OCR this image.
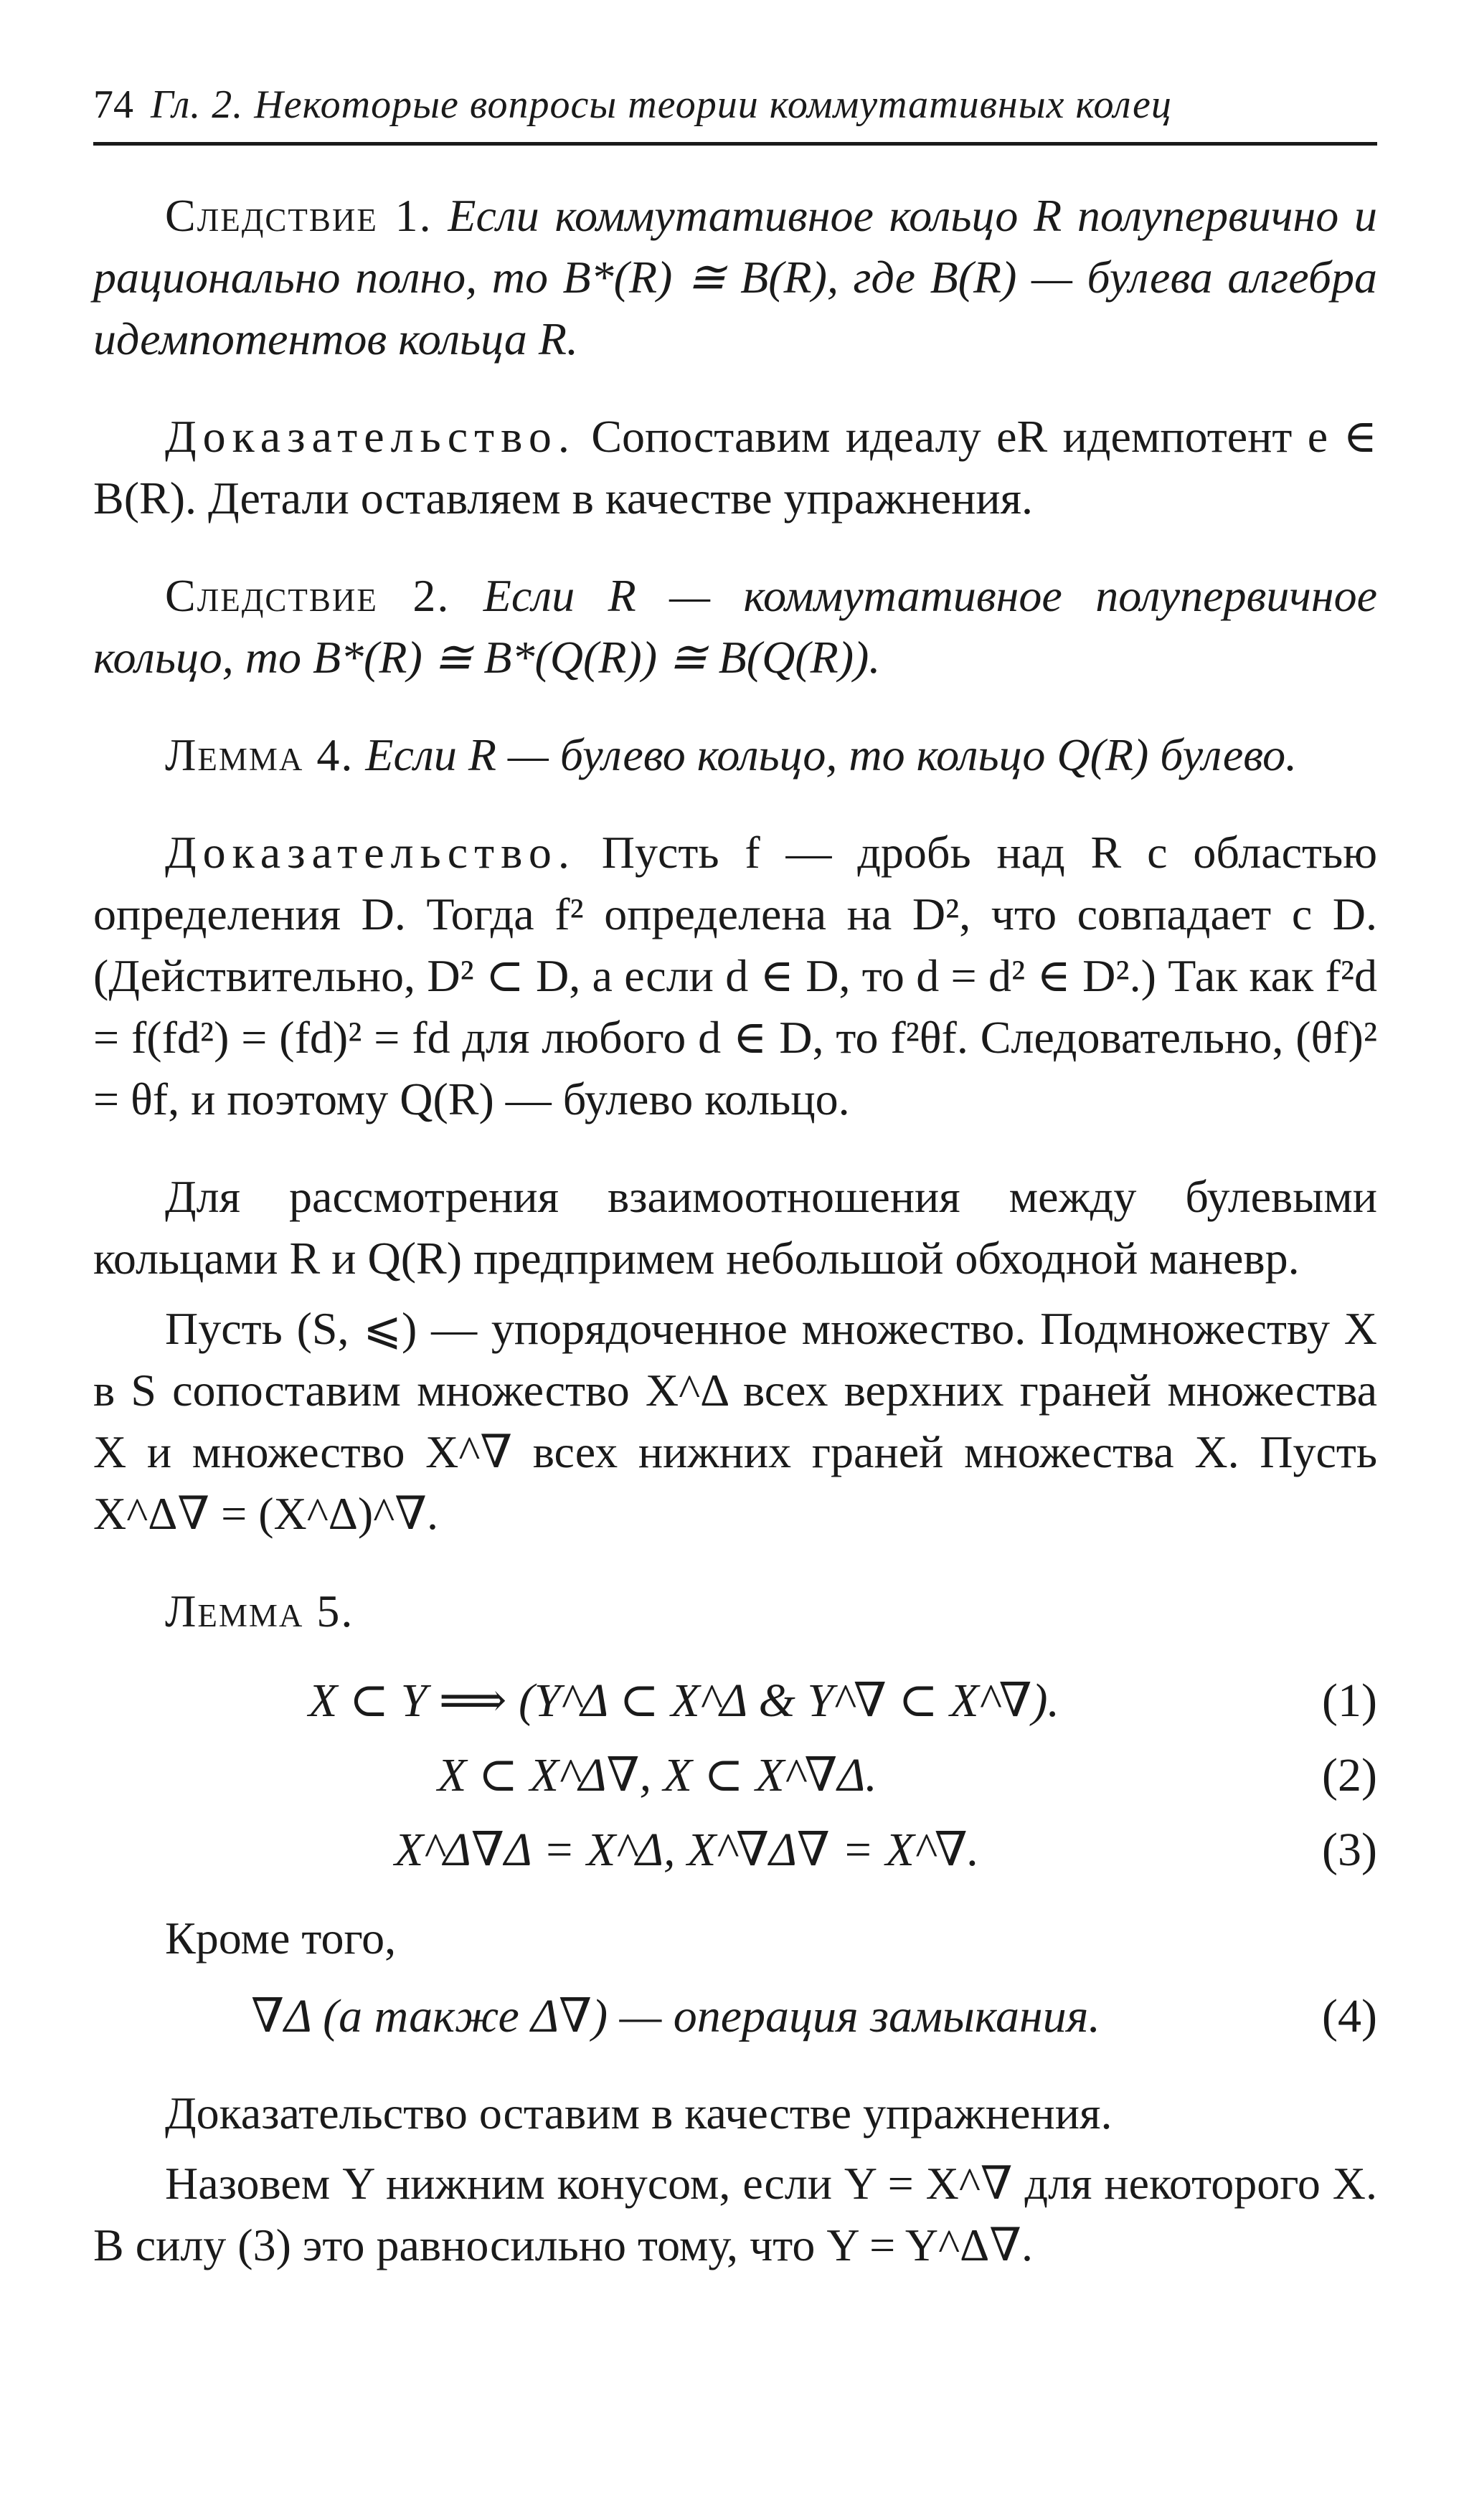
74 Гл. 2. Некоторые вопросы теории коммутативных колец

Следствие 1. Если коммутативное кольцо R полупервично и рационально полно, то B*(R) ≅ B(R), где B(R) — булева алгебра идемпотентов кольца R.

Доказательство. Сопоставим идеалу eR идемпотент e ∈ B(R). Детали оставляем в качестве упражнения.

Следствие 2. Если R — коммутативное полупервичное кольцо, то B*(R) ≅ B*(Q(R)) ≅ B(Q(R)).

Лемма 4. Если R — булево кольцо, то кольцо Q(R) булево.

Доказательство. Пусть f — дробь над R с областью определения D. Тогда f² определена на D², что совпадает с D. (Действительно, D² ⊂ D, а если d ∈ D, то d = d² ∈ D².) Так как f²d = f(fd²) = (fd)² = fd для любого d ∈ D, то f²θf. Следовательно, (θf)² = θf, и поэтому Q(R) — булево кольцо.

Для рассмотрения взаимоотношения между булевыми кольцами R и Q(R) предпримем небольшой обходной маневр.

Пусть (S, ⩽) — упорядоченное множество. Подмножеству X в S сопоставим множество X^Δ всех верхних граней множества X и множество X^∇ всех нижних граней множества X. Пусть X^Δ∇ = (X^Δ)^∇.

Лемма 5.

X ⊂ Y ⟹ (Y^Δ ⊂ X^Δ & Y^∇ ⊂ X^∇).	(1)
X ⊂ X^Δ∇, X ⊂ X^∇Δ.	(2)
X^Δ∇Δ = X^Δ, X^∇Δ∇ = X^∇.	(3)

Кроме того,

∇Δ (а также Δ∇) — операция замыкания.	(4)

Доказательство оставим в качестве упражнения.

Назовем Y нижним конусом, если Y = X^∇ для некоторого X. В силу (3) это равносильно тому, что Y = Y^Δ∇.
